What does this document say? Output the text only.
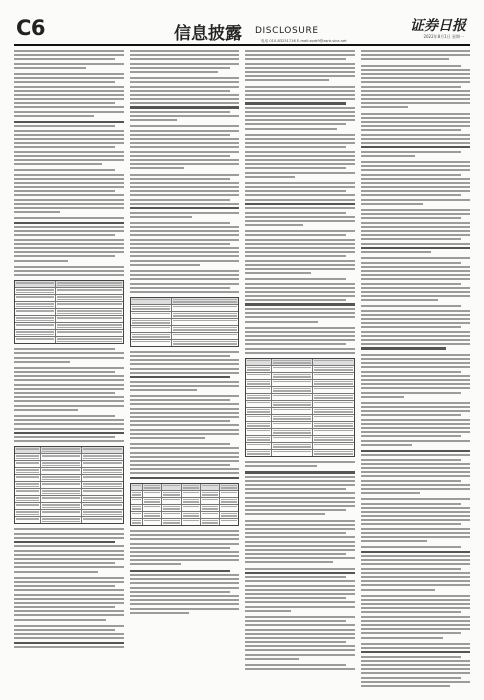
C6	信息披露 DISCLOSURE
电话 010-83251716 E-mail:zqrb9@zqrb.sina.net
证券日报
2022年8月1日 星期一
